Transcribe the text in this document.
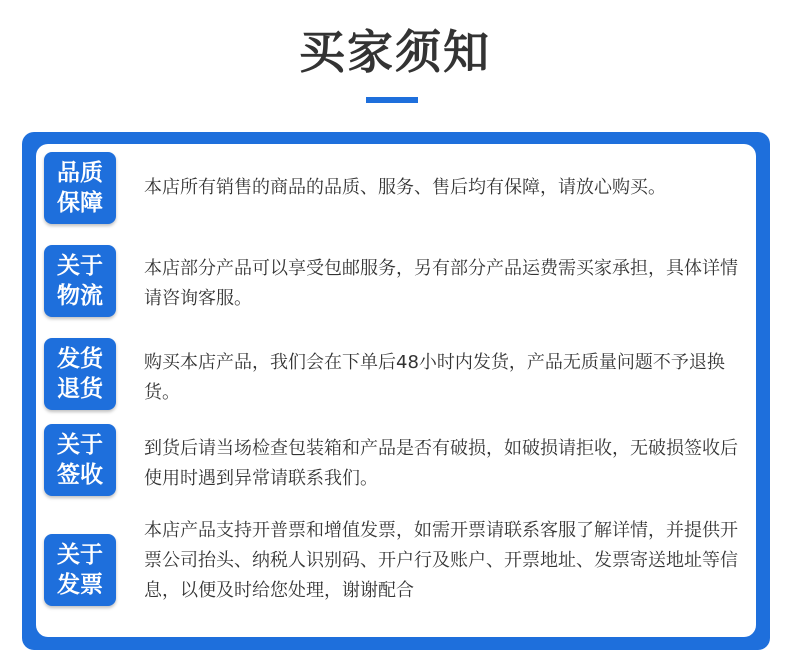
买家须知
品质
保障
本店所有销售的商品的品质、服务、售后均有保障，请放心购买。
关于
物流
本店部分产品可以享受包邮服务，另有部分产品运费需买家承担，具体详情请咨询客服。
发货
退货
购买本店产品，我们会在下单后48小时内发货，产品无质量问题不予退换货。
关于
签收
到货后请当场检查包装箱和产品是否有破损，如破损请拒收，无破损签收后使用时遇到异常请联系我们。
关于
发票
本店产品支持开普票和增值发票，如需开票请联系客服了解详情，并提供开票公司抬头、纳税人识别码、开户行及账户、开票地址、发票寄送地址等信息，以便及时给您处理，谢谢配合
